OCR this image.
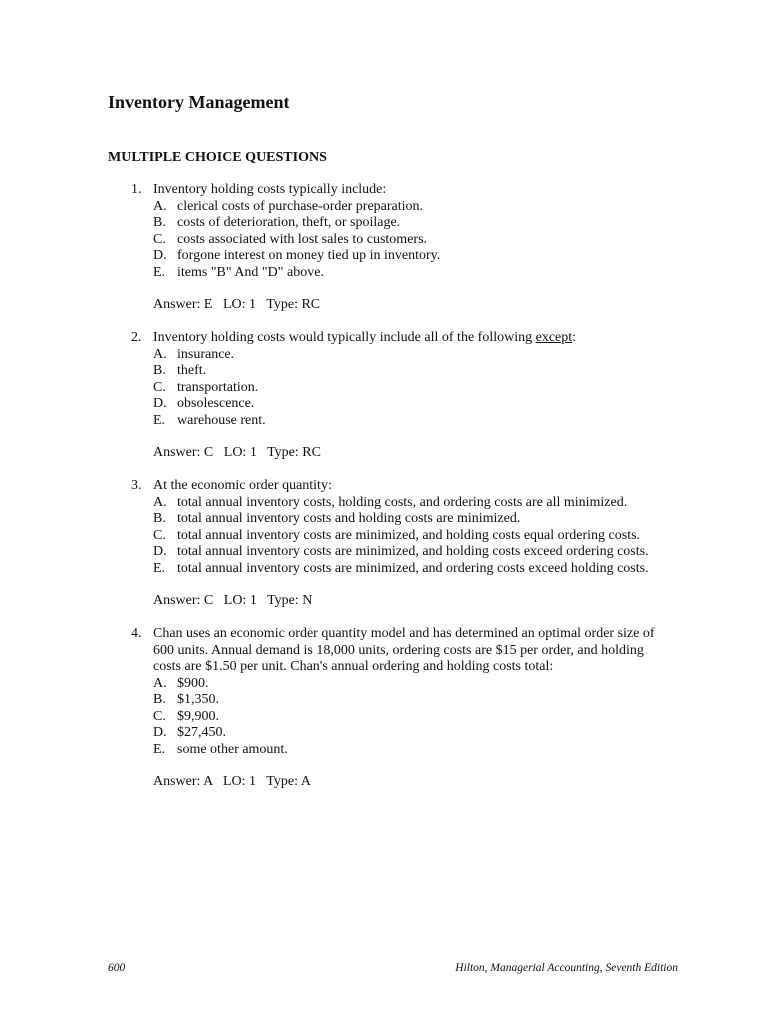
Inventory Management
MULTIPLE CHOICE QUESTIONS
1. Inventory holding costs typically include:
A. clerical costs of purchase-order preparation.
B. costs of deterioration, theft, or spoilage.
C. costs associated with lost sales to customers.
D. forgone interest on money tied up in inventory.
E. items "B" And "D" above.
Answer: E   LO: 1   Type: RC
2. Inventory holding costs would typically include all of the following except:
A. insurance.
B. theft.
C. transportation.
D. obsolescence.
E. warehouse rent.
Answer: C   LO: 1   Type: RC
3. At the economic order quantity:
A. total annual inventory costs, holding costs, and ordering costs are all minimized.
B. total annual inventory costs and holding costs are minimized.
C. total annual inventory costs are minimized, and holding costs equal ordering costs.
D. total annual inventory costs are minimized, and holding costs exceed ordering costs.
E. total annual inventory costs are minimized, and ordering costs exceed holding costs.
Answer: C   LO: 1   Type: N
4. Chan uses an economic order quantity model and has determined an optimal order size of 600 units. Annual demand is 18,000 units, ordering costs are $15 per order, and holding costs are $1.50 per unit. Chan's annual ordering and holding costs total:
A. $900.
B. $1,350.
C. $9,900.
D. $27,450.
E. some other amount.
Answer: A   LO: 1   Type: A
600	Hilton, Managerial Accounting, Seventh Edition
